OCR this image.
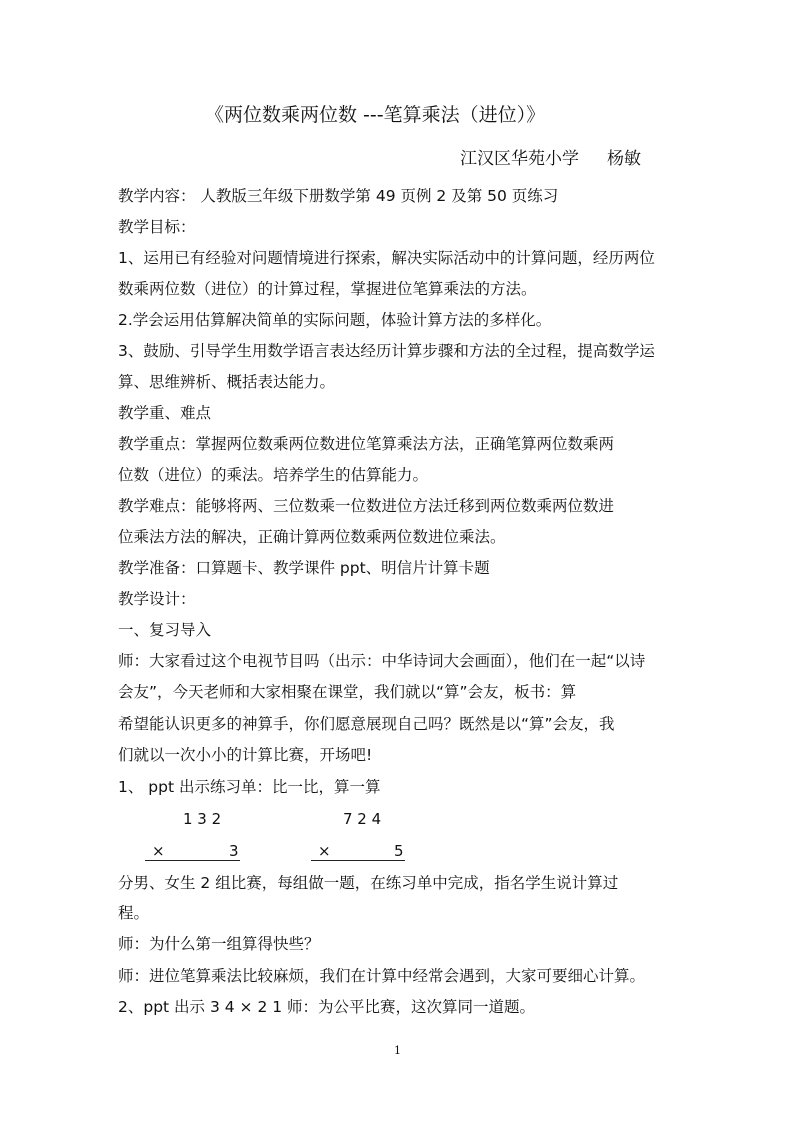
《两位数乘两位数 ---笔算乘法（进位）》
江汉区华苑小学 杨敏
教学内容： 人教版三年级下册数学第 49 页例 2 及第 50 页练习
教学目标：
1、运用已有经验对问题情境进行探索，解决实际活动中的计算问题，经历两位
数乘两位数（进位）的计算过程，掌握进位笔算乘法的方法。
2.学会运用估算解决简单的实际问题，体验计算方法的多样化。
3、鼓励、引导学生用数学语言表达经历计算步骤和方法的全过程，提高数学运
算、思维辨析、概括表达能力。
教学重、难点
教学重点：掌握两位数乘两位数进位笔算乘法方法，正确笔算两位数乘两
位数（进位）的乘法。培养学生的估算能力。
教学难点：能够将两、三位数乘一位数进位方法迁移到两位数乘两位数进
位乘法方法的解决，正确计算两位数乘两位数进位乘法。
教学准备：口算题卡、教学课件 ppt、明信片计算卡题
教学设计：
一、复习导入
师：大家看过这个电视节目吗（出示：中华诗词大会画面），他们在一起“以诗
会友”，今天老师和大家相聚在课堂，我们就以“算”会友，板书：算
希望能认识更多的神算手，你们愿意展现自己吗？既然是以“算”会友，我
们就以一次小小的计算比赛，开场吧!
1、 ppt 出示练习单：比一比，算一算
1 3 2
×	3
7 2 4
×	5
分男、女生 2 组比赛，每组做一题，在练习单中完成，指名学生说计算过
程。
师：为什么第一组算得快些？
师：进位笔算乘法比较麻烦，我们在计算中经常会遇到，大家可要细心计算。
2、ppt 出示 3 4 × 2 1 师：为公平比赛，这次算同一道题。
1
